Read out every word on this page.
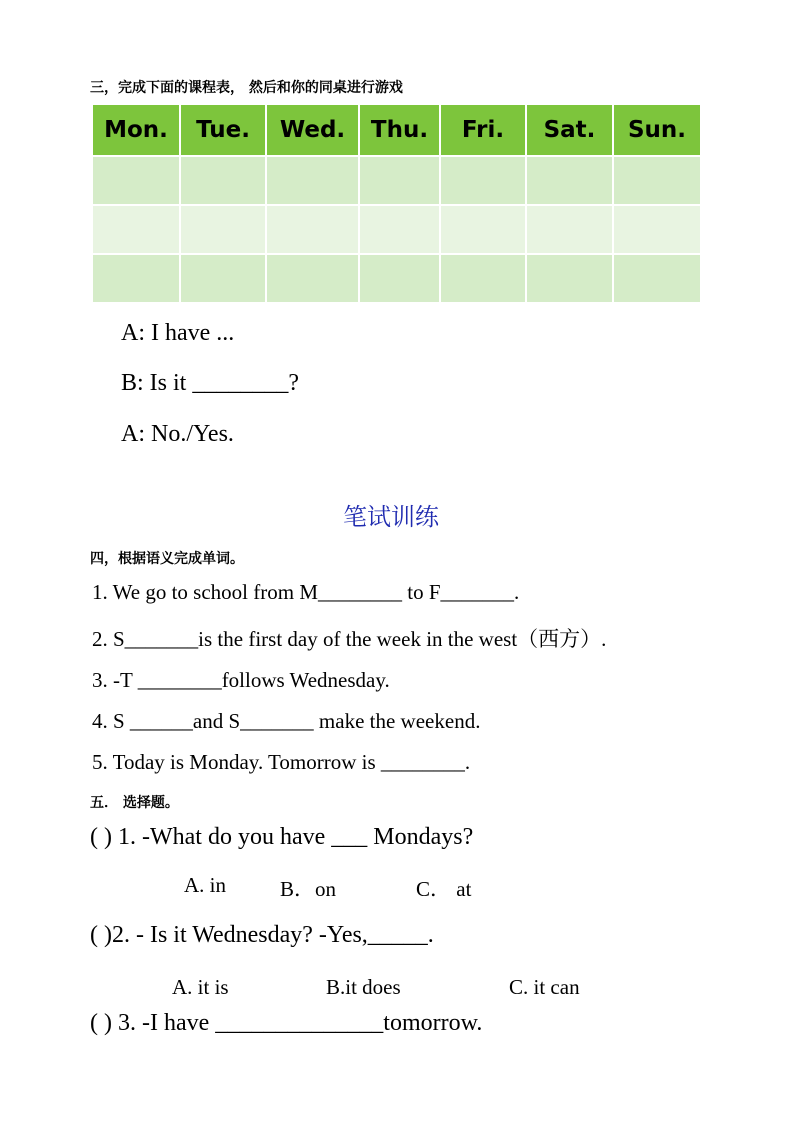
三，完成下面的课程表， 然后和你的同桌进行游戏
Mon.	Tue.	Wed.	Thu.	Fri.	Sat.	Sun.

A: I have ...
B: Is it ________?
A: No./Yes.
笔试训练
四，根据语义完成单词。
1. We go to school from M________ to F_______.
2. S_______is the first day of the week in the west（西方）.
3. -T ________follows Wednesday.
4. S ______and S_______ make the weekend.
5. Today is Monday. Tomorrow is ________.
五． 选择题。
( ) 1. -What do you have ___ Mondays?
A. in	B．on	C． at
( )2. - Is it Wednesday? -Yes,_____.
A. it is	B.it does	C. it can
( ) 3. -I have ______________tomorrow.
